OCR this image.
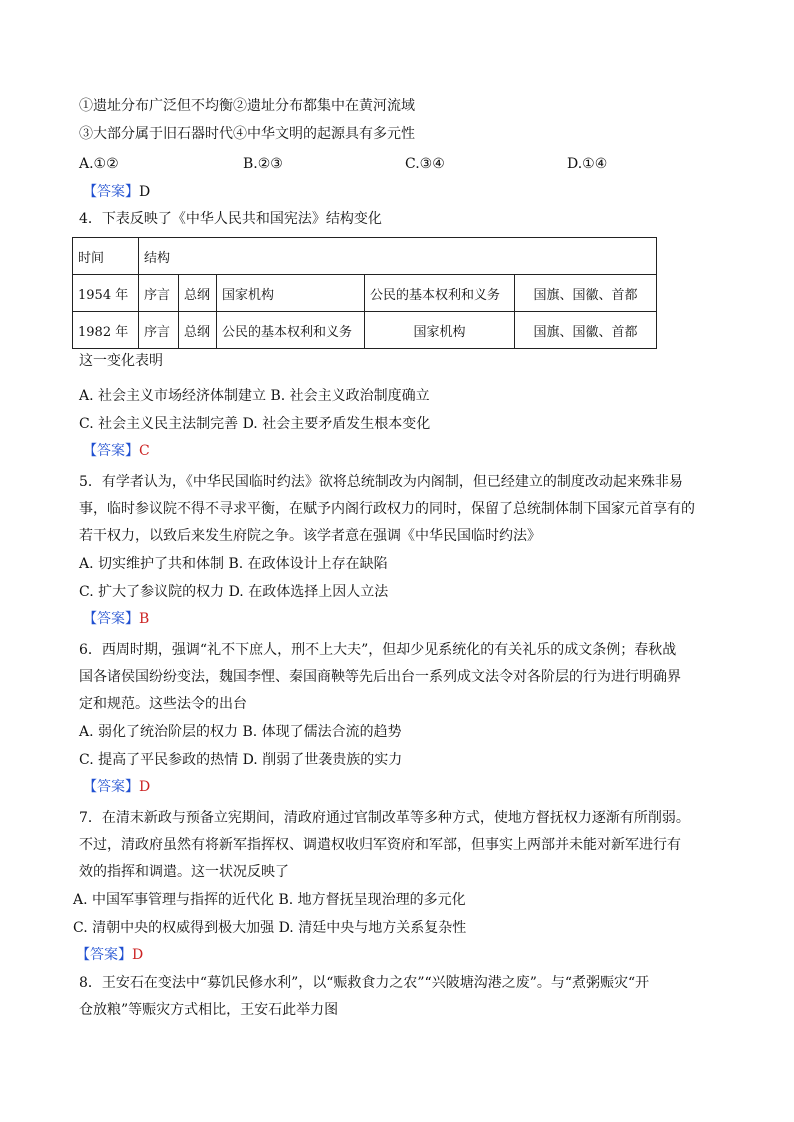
①遗址分布广泛但不均衡②遗址分布都集中在黄河流域
③大部分属于旧石器时代④中华文明的起源具有多元性
A.①②	B.②③	C.③④	D.①④
【答案】D
4．下表反映了《中华人民共和国宪法》结构变化
时间	结构				
1954 年	序言	总纲	国家机构	公民的基本权利和义务	国旗、国徽、首都
1982 年	序言	总纲	公民的基本权利和义务	国家机构	国旗、国徽、首都
这一变化表明
A. 社会主义市场经济体制建立 B. 社会主义政治制度确立
C. 社会主义民主法制完善 D. 社会主要矛盾发生根本变化
【答案】C
5．有学者认为，《中华民国临时约法》欲将总统制改为内阁制，但已经建立的制度改动起来殊非易
事，临时参议院不得不寻求平衡，在赋予内阁行政权力的同时，保留了总统制体制下国家元首享有的
若干权力，以致后来发生府院之争。该学者意在强调《中华民国临时约法》
A. 切实维护了共和体制 B. 在政体设计上存在缺陷
C. 扩大了参议院的权力 D. 在政体选择上因人立法
【答案】B
6．西周时期，强调“礼不下庶人，刑不上大夫”，但却少见系统化的有关礼乐的成文条例；春秋战
国各诸侯国纷纷变法，魏国李悝、秦国商鞅等先后出台一系列成文法令对各阶层的行为进行明确界
定和规范。这些法令的出台
A. 弱化了统治阶层的权力 B. 体现了儒法合流的趋势
C. 提高了平民参政的热情 D. 削弱了世袭贵族的实力
【答案】D
7．在清末新政与预备立宪期间，清政府通过官制改革等多种方式，使地方督抚权力逐渐有所削弱。
不过，清政府虽然有将新军指挥权、调遣权收归军资府和军部，但事实上两部并未能对新军进行有
效的指挥和调遣。这一状况反映了
A. 中国军事管理与指挥的近代化 B. 地方督抚呈现治理的多元化
C. 清朝中央的权威得到极大加强 D. 清廷中央与地方关系复杂性
【答案】D
8．王安石在变法中“募饥民修水利”，以“赈救食力之农”“兴陂塘沟港之废”。与“煮粥赈灾“开
仓放粮”等赈灾方式相比，王安石此举力图
